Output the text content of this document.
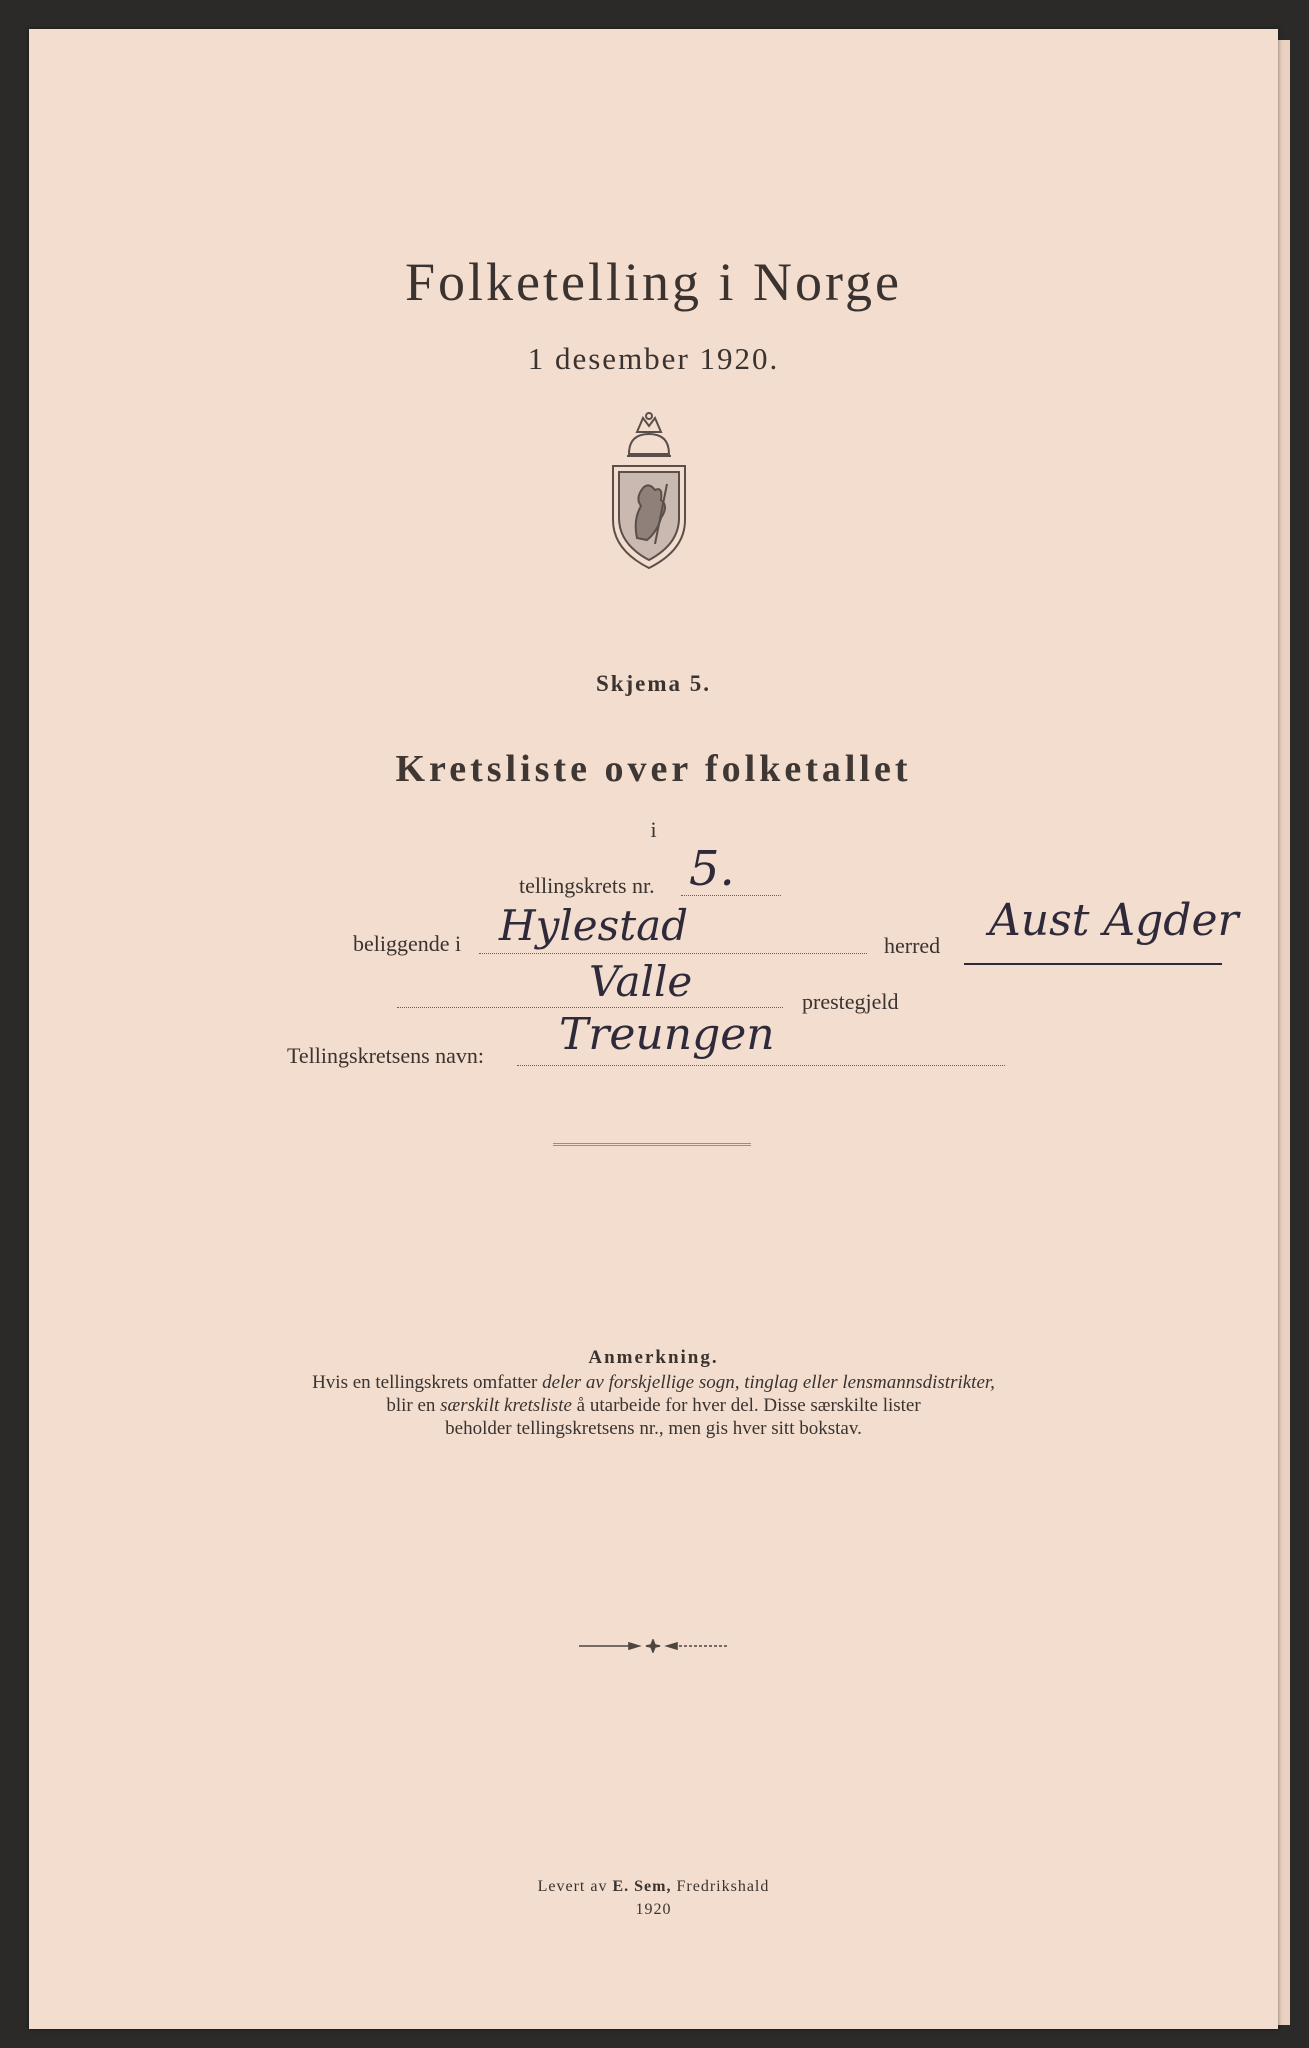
Folketelling i Norge
1 desember 1920.
Skjema 5.
Kretsliste over folketallet
i
tellingskrets nr. 5.
beliggende i Hylestad	herred Aust Agder
Valle	prestegjeld
Tellingskretsens navn: Treungen
Anmerkning.
Hvis en tellingskrets omfatter deler av forskjellige sogn, tinglag eller lensmannsdistrikter,
blir en særskilt kretsliste å utarbeide for hver del. Disse særskilte lister
beholder tellingskretsens nr., men gis hver sitt bokstav.
Levert av E. Sem, Fredrikshald
1920
